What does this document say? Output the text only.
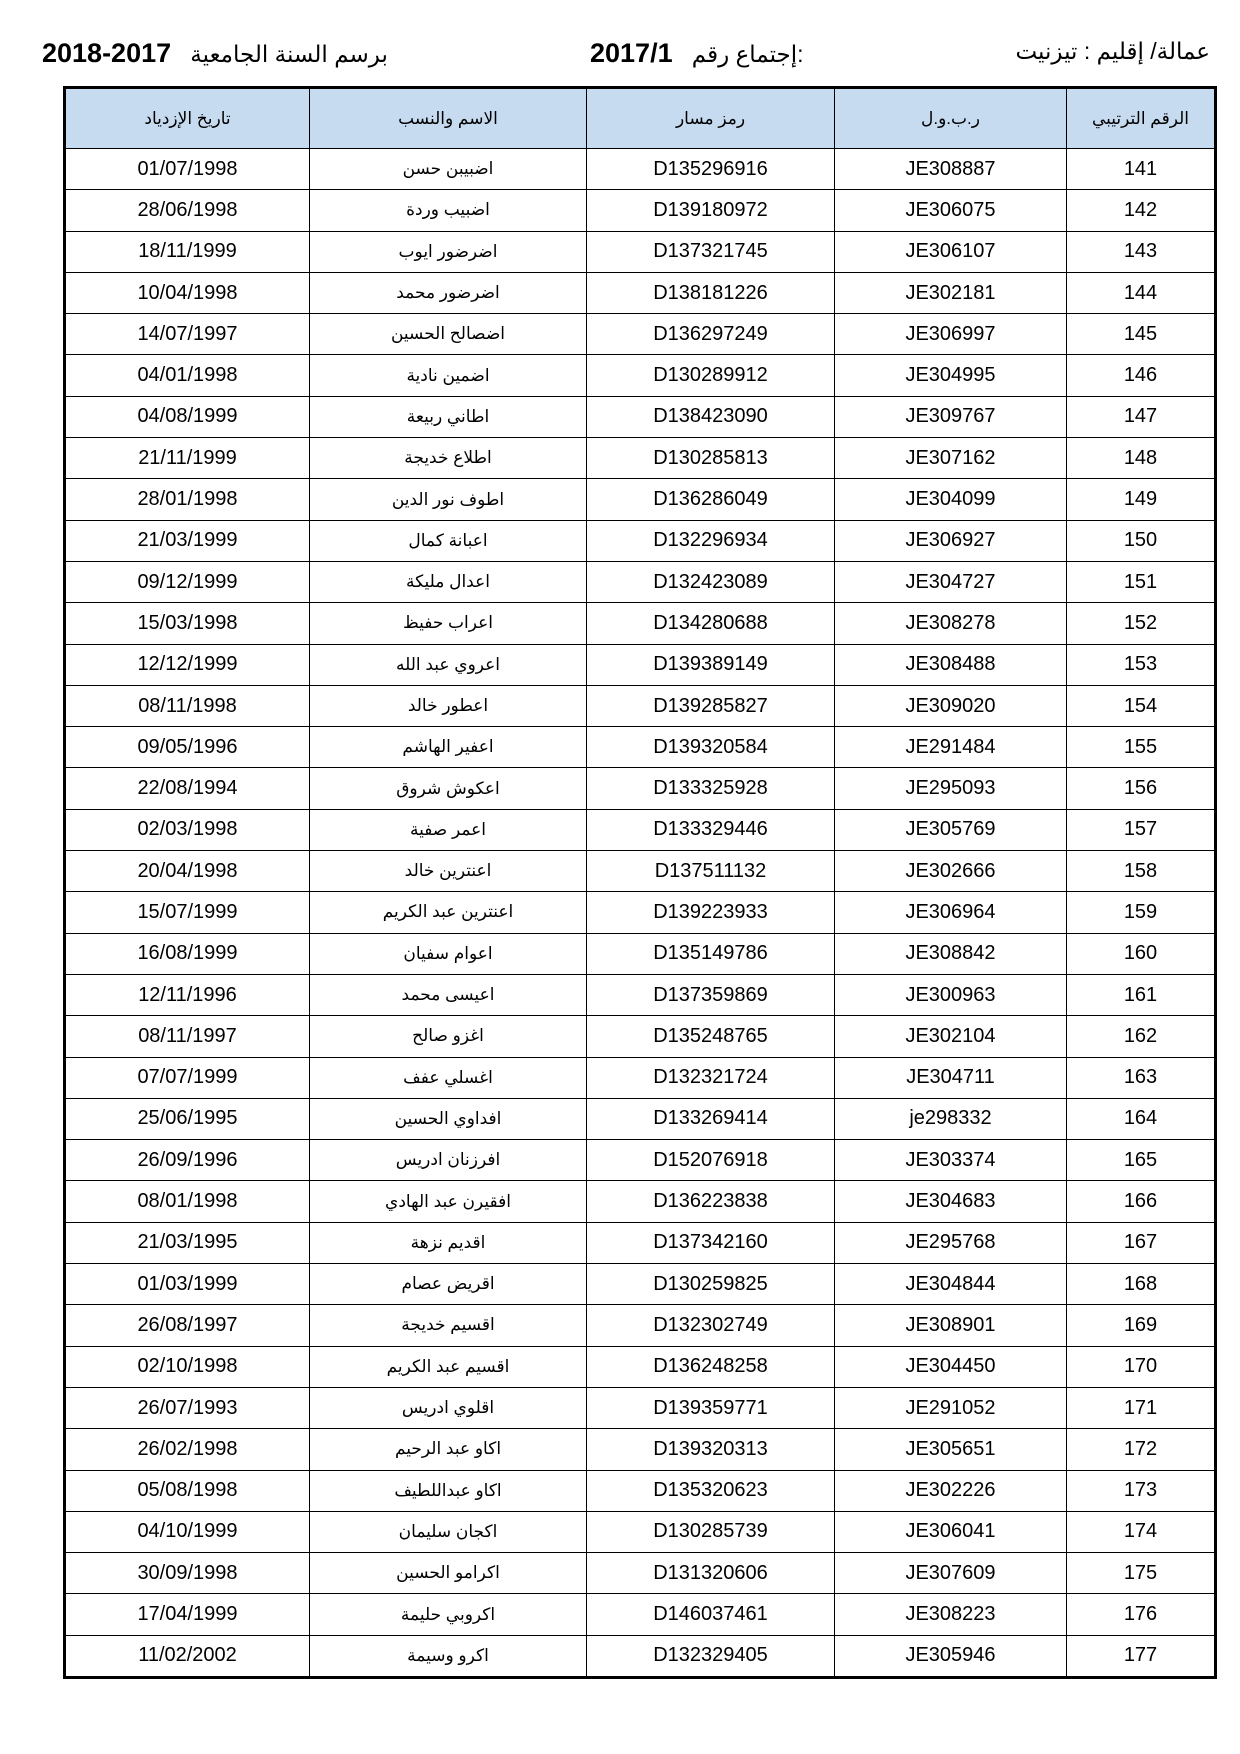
2018-2017 برسم السنة الجامعية	2017/1 إجتماع رقم:	عمالة/ إقليم : تيزنيت
تاريخ الإزدياد	الاسم والنسب	رمز مسار	ر.ب.و.ل	الرقم الترتيبي
01/07/1998	اضبيبن حسن	D135296916	JE308887	141
28/06/1998	اضبيب وردة	D139180972	JE306075	142
18/11/1999	اضرضور ايوب	D137321745	JE306107	143
10/04/1998	اضرضور محمد	D138181226	JE302181	144
14/07/1997	اضصالح الحسين	D136297249	JE306997	145
04/01/1998	اضمين نادية	D130289912	JE304995	146
04/08/1999	اطاني ربيعة	D138423090	JE309767	147
21/11/1999	اطلاع خديجة	D130285813	JE307162	148
28/01/1998	اطوف نور الدين	D136286049	JE304099	149
21/03/1999	اعبانة كمال	D132296934	JE306927	150
09/12/1999	اعدال مليكة	D132423089	JE304727	151
15/03/1998	اعراب حفيظ	D134280688	JE308278	152
12/12/1999	اعروي عبد الله	D139389149	JE308488	153
08/11/1998	اعطور خالد	D139285827	JE309020	154
09/05/1996	اعفير الهاشم	D139320584	JE291484	155
22/08/1994	اعكوش شروق	D133325928	JE295093	156
02/03/1998	اعمر صفية	D133329446	JE305769	157
20/04/1998	اعنترين خالد	D137511132	JE302666	158
15/07/1999	اعنترين عبد الكريم	D139223933	JE306964	159
16/08/1999	اعوام سفيان	D135149786	JE308842	160
12/11/1996	اعيسى محمد	D137359869	JE300963	161
08/11/1997	اغزو صالح	D135248765	JE302104	162
07/07/1999	اغسلي عفف	D132321724	JE304711	163
25/06/1995	افداوي الحسين	D133269414	je298332	164
26/09/1996	افرزنان ادريس	D152076918	JE303374	165
08/01/1998	افقيرن عبد الهادي	D136223838	JE304683	166
21/03/1995	اقديم نزهة	D137342160	JE295768	167
01/03/1999	اقريض عصام	D130259825	JE304844	168
26/08/1997	اقسيم خديجة	D132302749	JE308901	169
02/10/1998	اقسيم عبد الكريم	D136248258	JE304450	170
26/07/1993	اقلوي ادريس	D139359771	JE291052	171
26/02/1998	اكاو عبد الرحيم	D139320313	JE305651	172
05/08/1998	اكاو عبداللطيف	D135320623	JE302226	173
04/10/1999	اكجان سليمان	D130285739	JE306041	174
30/09/1998	اكرامو الحسين	D131320606	JE307609	175
17/04/1999	اكروبي حليمة	D146037461	JE308223	176
11/02/2002	اكرو وسيمة	D132329405	JE305946	177
